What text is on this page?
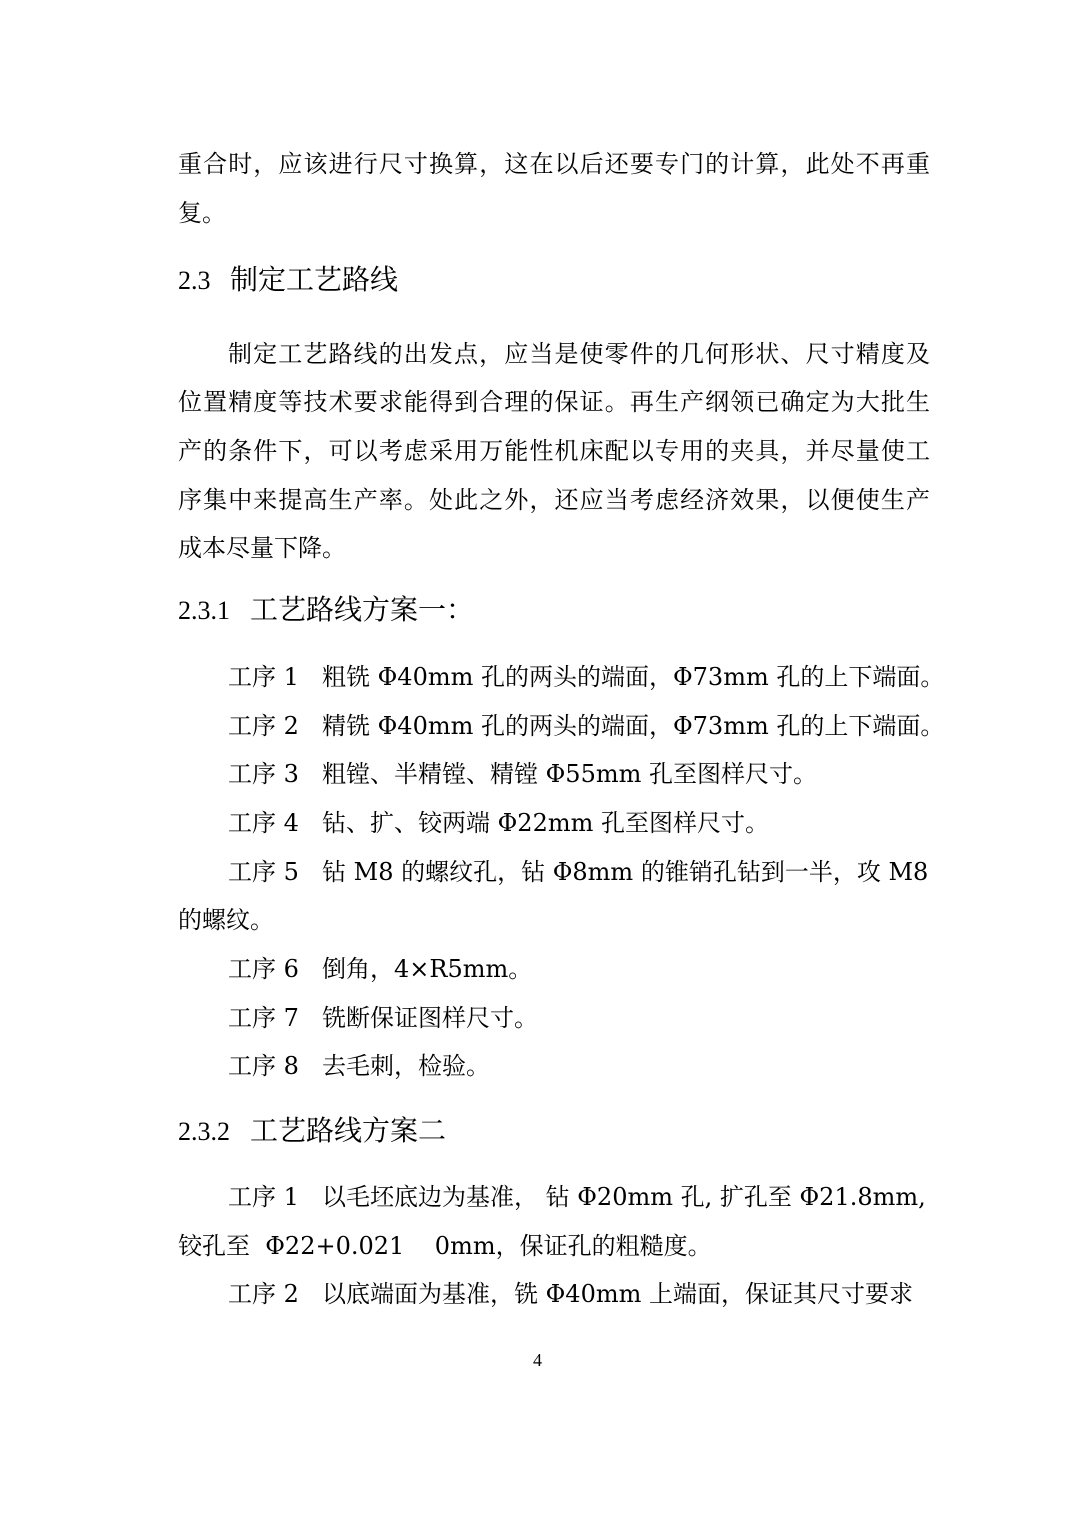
重合时，应该进行尺寸换算，这在以后还要专门的计算，此处不再重
复。
2.3 制定工艺路线
制定工艺路线的出发点，应当是使零件的几何形状、尺寸精度及
位置精度等技术要求能得到合理的保证。再生产纲领已确定为大批生
产的条件下，可以考虑采用万能性机床配以专用的夹具，并尽量使工
序集中来提高生产率。处此之外，还应当考虑经济效果，以便使生产
成本尽量下降。
2.3.1 工艺路线方案一：
工序 1 粗铣 Φ40mm 孔的两头的端面，Φ73mm 孔的上下端面。
工序 2 精铣 Φ40mm 孔的两头的端面，Φ73mm 孔的上下端面。
工序 3 粗镗、半精镗、精镗 Φ55mm 孔至图样尺寸。
工序 4 钻、扩、铰两端 Φ22mm 孔至图样尺寸。
工序 5 钻 M8 的螺纹孔，钻 Φ8mm 的锥销孔钻到一半，攻 M8
的螺纹。
工序 6 倒角，4×R5mm。
工序 7 铣断保证图样尺寸。
工序 8 去毛刺，检验。
2.3.2 工艺路线方案二
工序 1 以毛坯底边为基准， 钻 Φ20mm 孔, 扩孔至 Φ21.8mm,
铰孔至  Φ22+0.021    0mm，保证孔的粗糙度。
工序 2 以底端面为基准，铣 Φ40mm 上端面，保证其尺寸要求
4
